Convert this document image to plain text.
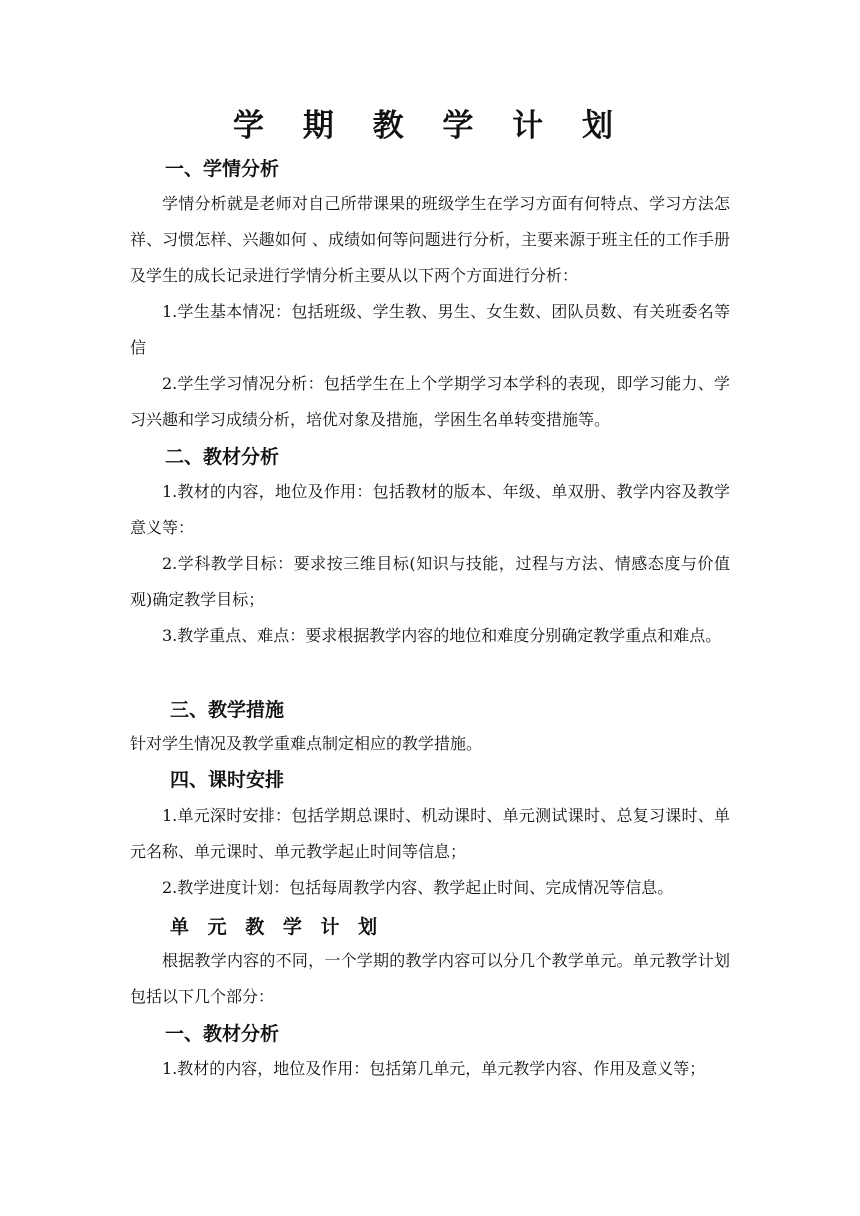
学 期 教 学 计 划
一、学情分析
学情分析就是老师对自己所带课果的班级学生在学习方面有何特点、学习方法怎祥、习惯怎样、兴趣如何 、成绩如何等问题进行分析，主要来源于班主任的工作手册及学生的成长记录进行学情分析主要从以下两个方面进行分析：
1.学生基本情况：包括班级、学生教、男生、女生数、团队员数、有关班委名等信
2.学生学习情况分析：包括学生在上个学期学习本学科的表现，即学习能力、学习兴趣和学习成绩分析，培优对象及措施，学困生名单转变措施等。
二、教材分析
1.教材的内容，地位及作用：包括教材的版本、年级、单双册、教学内容及教学意义等：
2.学科教学目标：要求按三维目标(知识与技能，过程与方法、情感态度与价值观)确定教学目标；
3.教学重点、难点：要求根据教学内容的地位和难度分别确定教学重点和难点。
三、教学措施
针对学生情况及教学重难点制定相应的教学措施。
四、课时安排
1.单元深时安排：包括学期总课时、机动课时、单元测试课时、总复习课时、单元名称、单元课时、单元教学起止时间等信息；
2.教学进度计划：包括每周教学内容、教学起止时间、完成情况等信息。
单 元 教 学 计 划
根据教学内容的不同，一个学期的教学内容可以分几个教学单元。单元教学计划包括以下几个部分：
一、教材分析
1.教材的内容，地位及作用：包括第几单元，单元教学内容、作用及意义等；
